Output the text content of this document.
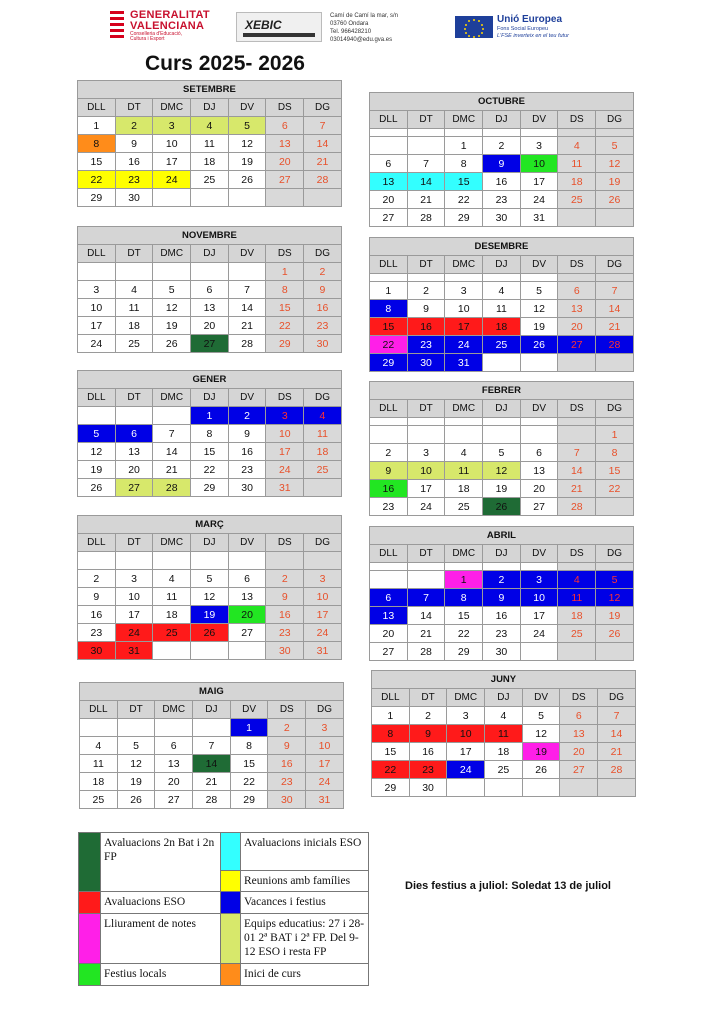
GENERALITAT
VALENCIANA
Conselleria d'Educació,
Cultura i Esport
XEBIC
Camí de Camí la mar, s/n
03760 Ondara
Tel. 966428210
03014940@edu.gva.es
Unió Europea
Fons Social Europeu
L'FSE inverteix en el teu futur
Curs 2025- 2026
SETEMBRE						
DLL	DT	DMC	DJ	DV	DS	DG
1	2	3	4	5	6	7
8	9	10	11	12	13	14
15	16	17	18	19	20	21
22	23	24	25	26	27	28
29	30					
OCTUBRE						
DLL	DT	DMC	DJ	DV	DS	DG

		1	2	3	4	5
6	7	8	9	10	11	12
13	14	15	16	17	18	19
20	21	22	23	24	25	26
27	28	29	30	31		
NOVEMBRE						
DLL	DT	DMC	DJ	DV	DS	DG
					1	2
3	4	5	6	7	8	9
10	11	12	13	14	15	16
17	18	19	20	21	22	23
24	25	26	27	28	29	30
DESEMBRE						
DLL	DT	DMC	DJ	DV	DS	DG

1	2	3	4	5	6	7
8	9	10	11	12	13	14
15	16	17	18	19	20	21
22	23	24	25	26	27	28
29	30	31				
GENER						
DLL	DT	DMC	DJ	DV	DS	DG
			1	2	3	4
5	6	7	8	9	10	11
12	13	14	15	16	17	18
19	20	21	22	23	24	25
26	27	28	29	30	31	
FEBRER						
DLL	DT	DMC	DJ	DV	DS	DG

						1
2	3	4	5	6	7	8
9	10	11	12	13	14	15
16	17	18	19	20	21	22
23	24	25	26	27	28	
MARÇ						
DLL	DT	DMC	DJ	DV	DS	DG

2	3	4	5	6	2	3
9	10	11	12	13	9	10
16	17	18	19	20	16	17
23	24	25	26	27	23	24
30	31				30	31
ABRIL						
DLL	DT	DMC	DJ	DV	DS	DG

		1	2	3	4	5
6	7	8	9	10	11	12
13	14	15	16	17	18	19
20	21	22	23	24	25	26
27	28	29	30			
MAIG						
DLL	DT	DMC	DJ	DV	DS	DG
				1	2	3
4	5	6	7	8	9	10
11	12	13	14	15	16	17
18	19	20	21	22	23	24
25	26	27	28	29	30	31
JUNY						
DLL	DT	DMC	DJ	DV	DS	DG
1	2	3	4	5	6	7
8	9	10	11	12	13	14
15	16	17	18	19	20	21
22	23	24	25	26	27	28
29	30					
	Avaluacions 2n Bat i 2n FP		Avaluacions inicials ESO
			Reunions amb famílies
	Avaluacions ESO		Vacances i festius
	Lliurament de notes		Equips educatius: 27 i 28-01 2ª BAT i 2ª FP. Del 9-12 ESO i resta FP
	Festius locals		Inici de curs
Dies festius a juliol: Soledat 13 de juliol
